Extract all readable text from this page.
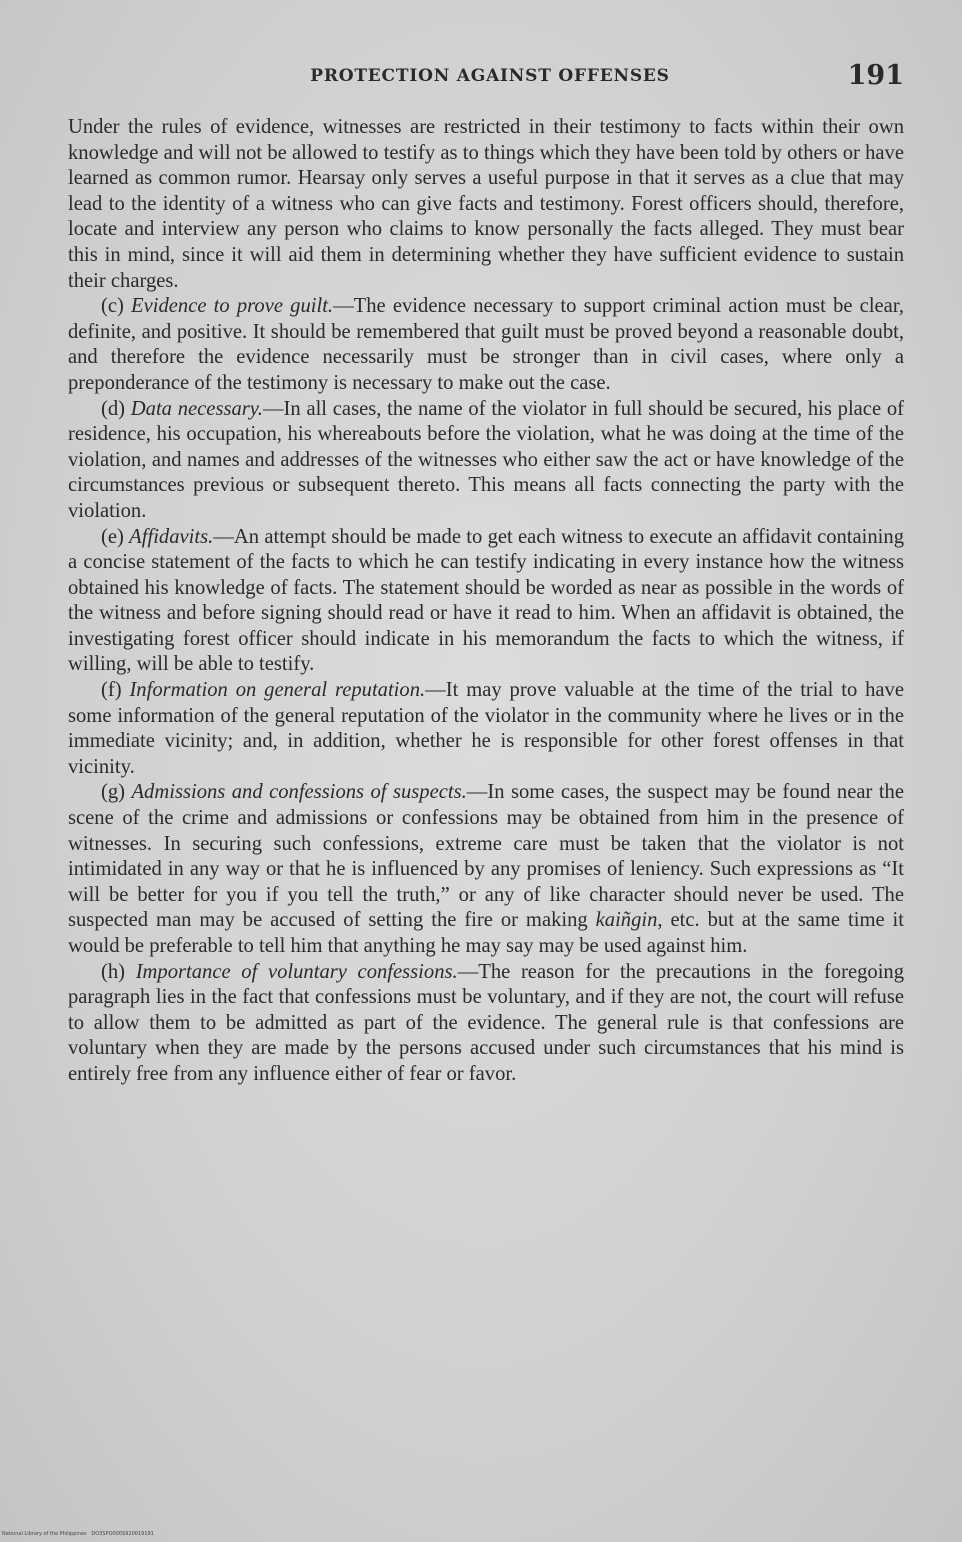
PROTECTION AGAINST OFFENSES	191

Under the rules of evidence, witnesses are restricted in their testimony to facts within their own knowledge and will not be allowed to testify as to things which they have been told by others or have learned as common rumor. Hearsay only serves a useful purpose in that it serves as a clue that may lead to the identity of a witness who can give facts and testimony. Forest officers should, therefore, locate and interview any person who claims to know personally the facts alleged. They must bear this in mind, since it will aid them in determining whether they have sufficient evidence to sustain their charges.

(c) Evidence to prove guilt.—The evidence necessary to support criminal action must be clear, definite, and positive. It should be remembered that guilt must be proved beyond a reasonable doubt, and therefore the evidence necessarily must be stronger than in civil cases, where only a preponderance of the testimony is necessary to make out the case.

(d) Data necessary.—In all cases, the name of the violator in full should be secured, his place of residence, his occupation, his whereabouts before the violation, what he was doing at the time of the violation, and names and addresses of the witnesses who either saw the act or have knowledge of the circumstances previous or subsequent thereto. This means all facts connecting the party with the violation.

(e) Affidavits.—An attempt should be made to get each witness to execute an affidavit containing a concise statement of the facts to which he can testify indicating in every instance how the witness obtained his knowledge of facts. The statement should be worded as near as possible in the words of the witness and before signing should read or have it read to him. When an affidavit is obtained, the investigating forest officer should indicate in his memorandum the facts to which the witness, if willing, will be able to testify.

(f) Information on general reputation.—It may prove valuable at the time of the trial to have some information of the general reputation of the violator in the community where he lives or in the immediate vicinity; and, in addition, whether he is responsible for other forest offenses in that vicinity.

(g) Admissions and confessions of suspects.—In some cases, the suspect may be found near the scene of the crime and admissions or confessions may be obtained from him in the presence of witnesses. In securing such confessions, extreme care must be taken that the violator is not intimidated in any way or that he is influenced by any promises of leniency. Such expressions as “It will be better for you if you tell the truth,” or any of like character should never be used. The suspected man may be accused of setting the fire or making kaiñgin, etc. but at the same time it would be preferable to tell him that anything he may say may be used against him.

(h) Importance of voluntary confessions.—The reason for the precautions in the foregoing paragraph lies in the fact that confessions must be voluntary, and if they are not, the court will refuse to allow them to be admitted as part of the evidence. The general rule is that confessions are voluntary when they are made by the persons accused under such circumstances that his mind is entirely free from any influence either of fear or favor.

National Library of the Philippines DO3SPO000S920019191
